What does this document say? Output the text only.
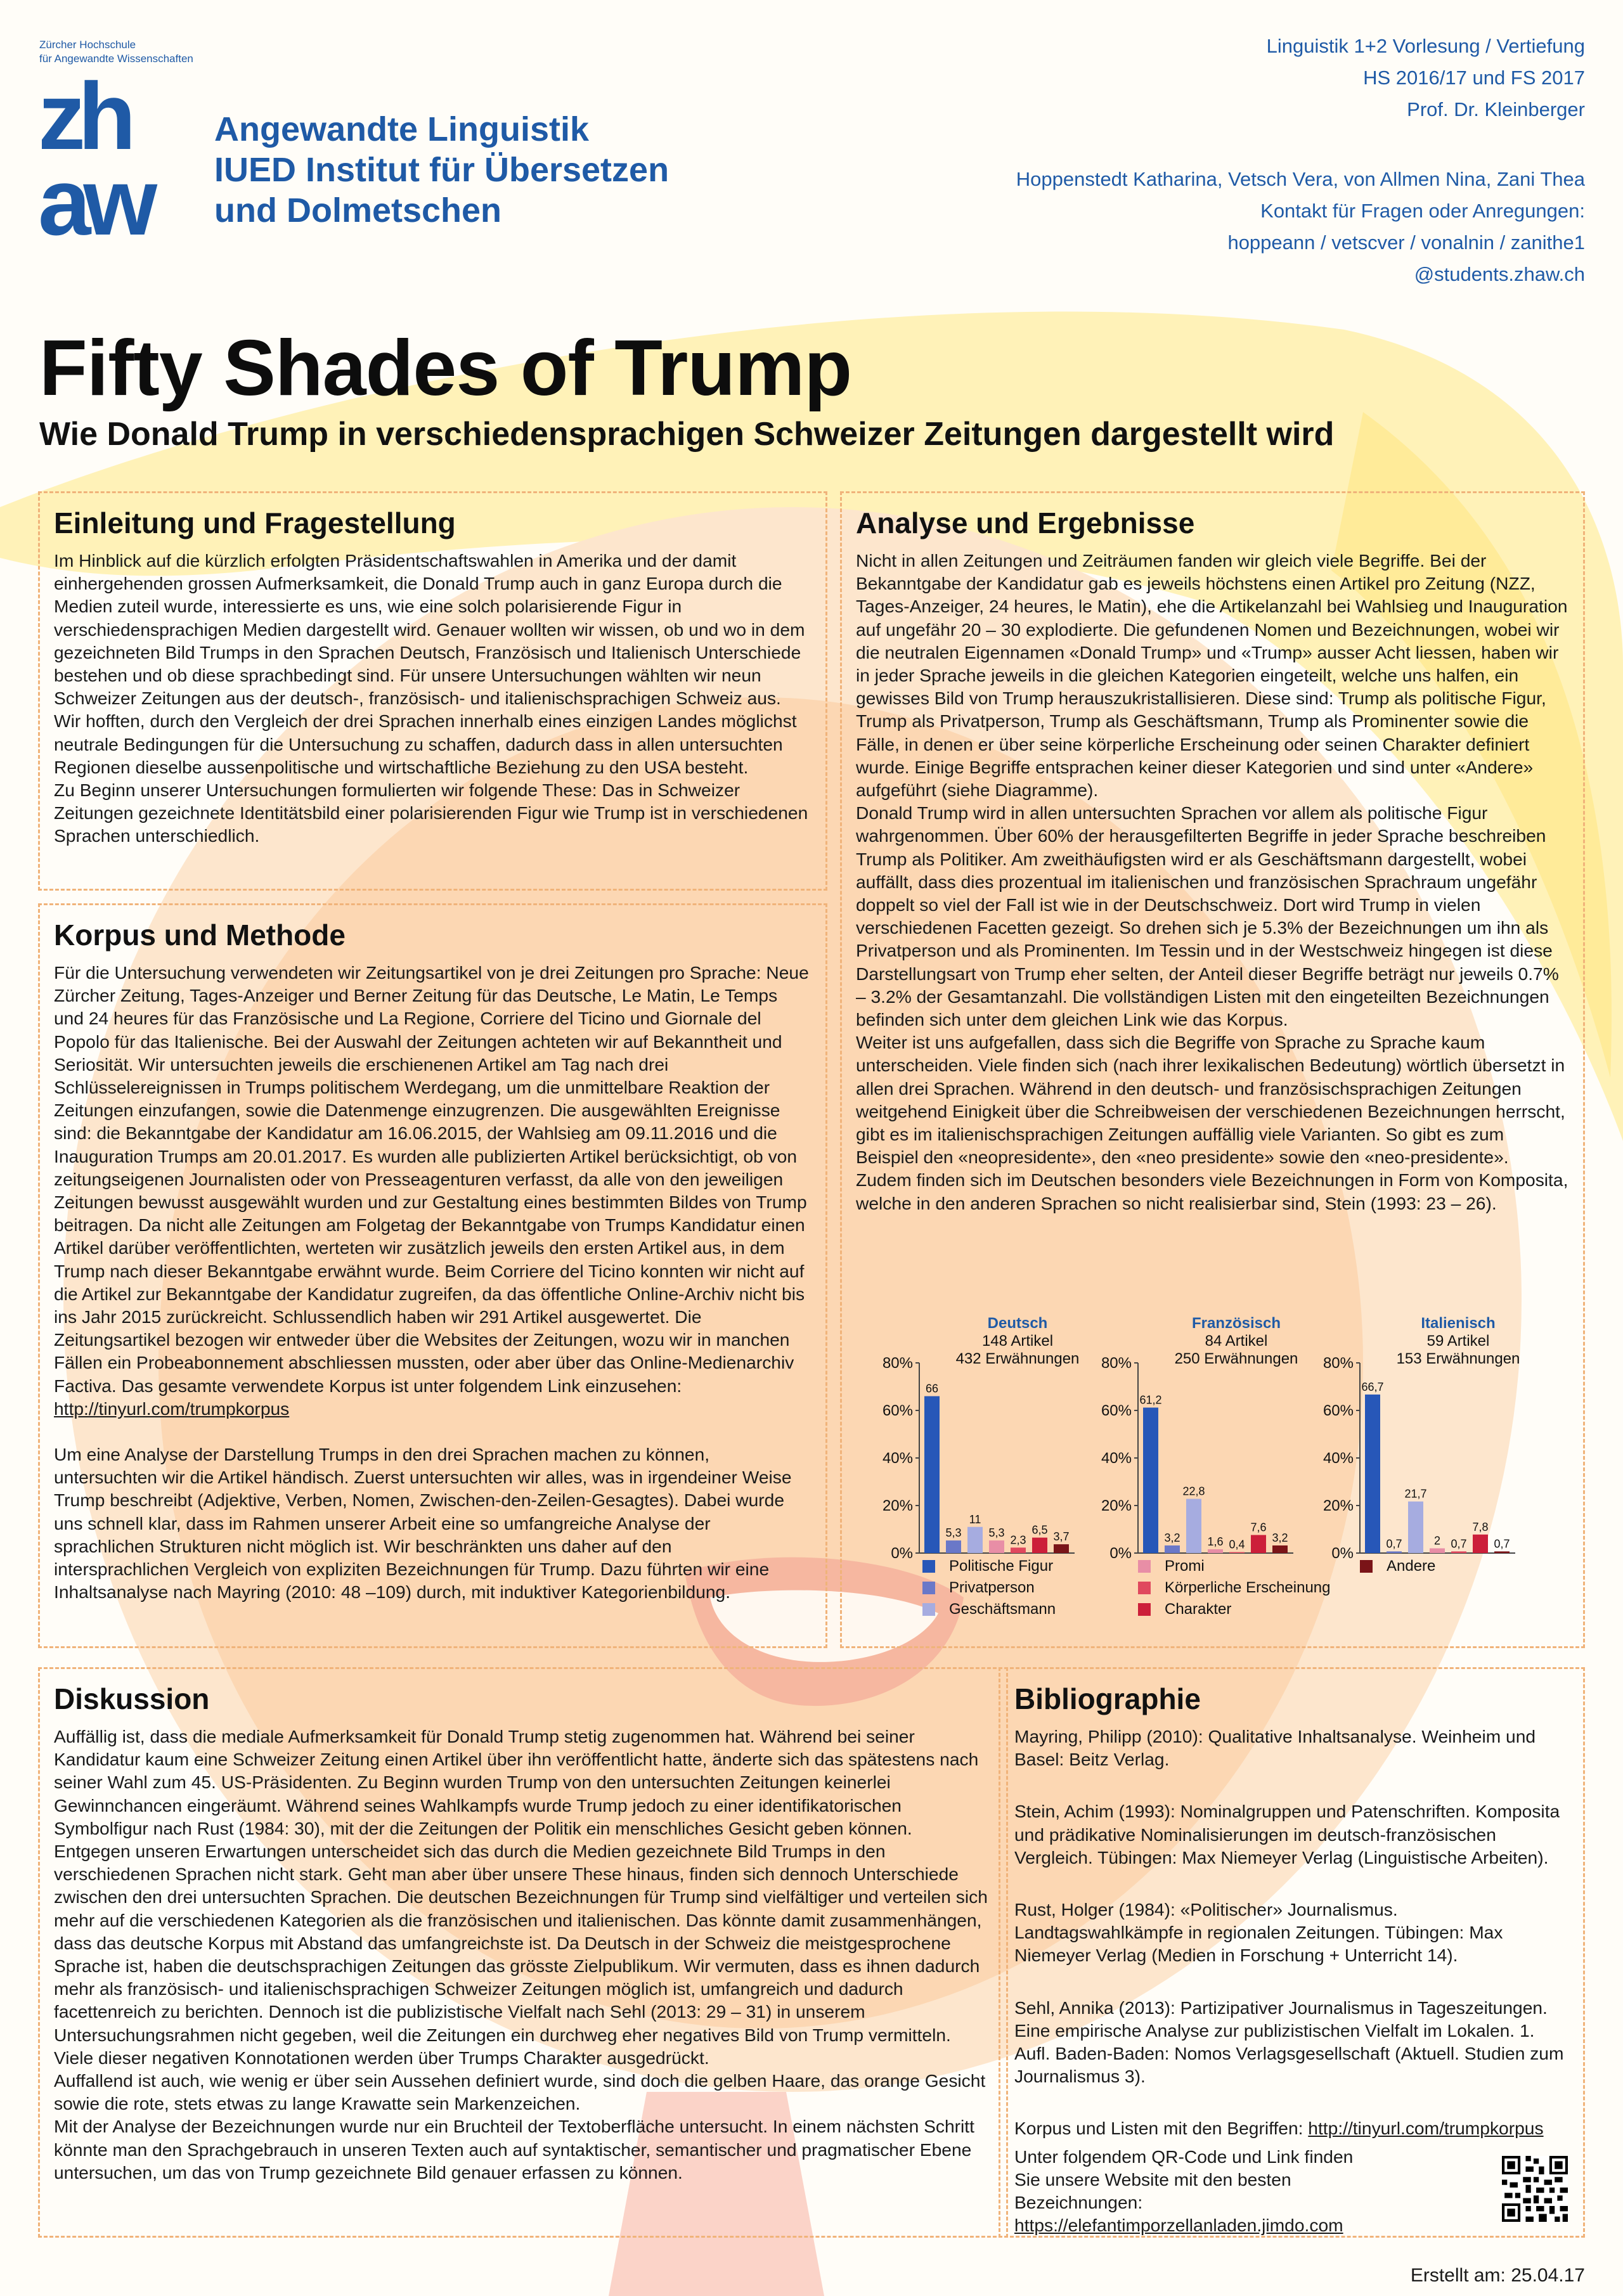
Zürcher Hochschule
für Angewandte Wissenschaften
zh
aw
Angewandte Linguistik
IUED Institut für Übersetzen
und Dolmetschen
Linguistik 1+2 Vorlesung / Vertiefung
HS 2016/17 und FS 2017
Prof. Dr. Kleinberger
Hoppenstedt Katharina, Vetsch Vera, von Allmen Nina, Zani Thea
Kontakt für Fragen oder Anregungen:
hoppeann / vetscver / vonalnin / zanithe1
@students.zhaw.ch
Fifty Shades of Trump
Wie Donald Trump in verschiedensprachigen Schweizer Zeitungen dargestellt wird
Einleitung und Fragestellung

Im Hinblick auf die kürzlich erfolgten Präsidentschaftswahlen in Amerika und der damit einhergehenden grossen Aufmerksamkeit, die Donald Trump auch in ganz Europa durch die Medien zuteil wurde, interessierte es uns, wie eine solch polarisierende Figur in verschiedensprachigen Medien dargestellt wird. Genauer wollten wir wissen, ob und wo in dem gezeichneten Bild Trumps in den Sprachen Deutsch, Französisch und Italienisch Unterschiede bestehen und ob diese sprachbedingt sind. Für unsere Untersuchungen wählten wir neun Schweizer Zeitungen aus der deutsch-, französisch- und italienischsprachigen Schweiz aus. Wir hofften, durch den Vergleich der drei Sprachen innerhalb eines einzigen Landes möglichst neutrale Bedingungen für die Untersuchung zu schaffen, dadurch dass in allen untersuchten Regionen dieselbe aussenpolitische und wirtschaftliche Beziehung zu den USA besteht.

Zu Beginn unserer Untersuchungen formulierten wir folgende These: Das in Schweizer Zeitungen gezeichnete Identitätsbild einer polarisierenden Figur wie Trump ist in verschiedenen Sprachen unterschiedlich.

Korpus und Methode

Für die Untersuchung verwendeten wir Zeitungsartikel von je drei Zeitungen pro Sprache: Neue Zürcher Zeitung, Tages-Anzeiger und Berner Zeitung für das Deutsche, Le Matin, Le Temps und 24 heures für das Französische und La Regione, Corriere del Ticino und Giornale del Popolo für das Italienische. Bei der Auswahl der Zeitungen achteten wir auf Bekanntheit und Seriosität. Wir untersuchten jeweils die erschienenen Artikel am Tag nach drei Schlüsselereignissen in Trumps politischem Werdegang, um die unmittelbare Reaktion der Zeitungen einzufangen, sowie die Datenmenge einzugrenzen. Die ausgewählten Ereignisse sind: die Bekanntgabe der Kandidatur am 16.06.2015, der Wahlsieg am 09.11.2016 und die Inauguration Trumps am 20.01.2017. Es wurden alle publizierten Artikel berücksichtigt, ob von zeitungseigenen Journalisten oder von Presseagenturen verfasst, da alle von den jeweiligen Zeitungen bewusst ausgewählt wurden und zur Gestaltung eines bestimmten Bildes von Trump beitragen. Da nicht alle Zeitungen am Folgetag der Bekanntgabe von Trumps Kandidatur einen Artikel darüber veröffentlichten, werteten wir zusätzlich jeweils den ersten Artikel aus, in dem Trump nach dieser Bekanntgabe erwähnt wurde. Beim Corriere del Ticino konnten wir nicht auf die Artikel zur Bekanntgabe der Kandidatur zugreifen, da das öffentliche Online-Archiv nicht bis ins Jahr 2015 zurückreicht. Schlussendlich haben wir 291 Artikel ausgewertet. Die Zeitungsartikel bezogen wir entweder über die Websites der Zeitungen, wozu wir in manchen Fällen ein Probeabonnement abschliessen mussten, oder aber über das Online-Medienarchiv Factiva. Das gesamte verwendete Korpus ist unter folgendem Link einzusehen: http://tinyurl.com/trumpkorpus

Um eine Analyse der Darstellung Trumps in den drei Sprachen machen zu können, untersuchten wir die Artikel händisch. Zuerst untersuchten wir alles, was in irgendeiner Weise Trump beschreibt (Adjektive, Verben, Nomen, Zwischen-den-Zeilen-Gesagtes). Dabei wurde uns schnell klar, dass im Rahmen unserer Arbeit eine so umfangreiche Analyse der sprachlichen Strukturen nicht möglich ist. Wir beschränkten uns daher auf den intersprachlichen Vergleich von expliziten Bezeichnungen für Trump. Dazu führten wir eine Inhaltsanalyse nach Mayring (2010: 48 –109) durch, mit induktiver Kategorienbildung.

Analyse und Ergebnisse

Nicht in allen Zeitungen und Zeiträumen fanden wir gleich viele Begriffe. Bei der Bekanntgabe der Kandidatur gab es jeweils höchstens einen Artikel pro Zeitung (NZZ, Tages-Anzeiger, 24 heures, le Matin), ehe die Artikelanzahl bei Wahlsieg und Inauguration auf ungefähr 20 – 30 explodierte. Die gefundenen Nomen und Bezeichnungen, wobei wir die neutralen Eigennamen «Donald Trump» und «Trump» ausser Acht liessen, haben wir in jeder Sprache jeweils in die gleichen Kategorien eingeteilt, welche uns halfen, ein gewisses Bild von Trump herauszukristallisieren. Diese sind: Trump als politische Figur, Trump als Privatperson, Trump als Geschäftsmann, Trump als Prominenter sowie die Fälle, in denen er über seine körperliche Erscheinung oder seinen Charakter definiert wurde. Einige Begriffe entsprachen keiner dieser Kategorien und sind unter «Andere» aufgeführt (siehe Diagramme).

Donald Trump wird in allen untersuchten Sprachen vor allem als politische Figur wahrgenommen. Über 60% der herausgefilterten Begriffe in jeder Sprache beschreiben Trump als Politiker. Am zweithäufigsten wird er als Geschäftsmann dargestellt, wobei auffällt, dass dies prozentual im italienischen und französischen Sprachraum ungefähr doppelt so viel der Fall ist wie in der Deutschschweiz. Dort wird Trump in vielen verschiedenen Facetten gezeigt. So drehen sich je 5.3% der Bezeichnungen um ihn als Privatperson und als Prominenten. Im Tessin und in der Westschweiz hingegen ist diese Darstellungsart von Trump eher selten, der Anteil dieser Begriffe beträgt nur jeweils 0.7% – 3.2% der Gesamtanzahl. Die vollständigen Listen mit den eingeteilten Bezeichnungen befinden sich unter dem gleichen Link wie das Korpus.

Weiter ist uns aufgefallen, dass sich die Begriffe von Sprache zu Sprache kaum unterscheiden. Viele finden sich (nach ihrer lexikalischen Bedeutung) wörtlich übersetzt in allen drei Sprachen. Während in den deutsch- und französischsprachigen Zeitungen weitgehend Einigkeit über die Schreibweisen der verschiedenen Bezeichnungen herrscht, gibt es im italienischsprachigen Zeitungen auffällig viele Varianten. So gibt es zum Beispiel den «neopresidente», den «neo presidente» sowie den «neo-presidente».

Zudem finden sich im Deutschen besonders viele Bezeichnungen in Form von Komposita, welche in den anderen Sprachen so nicht realisierbar sind, Stein (1993: 23 – 26).

Deutsch
148 Artikel
432 Erwähnungen
0%
20%
40%
60%
80%
66
5,3
11
5,3
2,3
6,5
3,7
Französisch
84 Artikel
250 Erwähnungen
0%
20%
40%
60%
80%
61,2
3,2
22,8
1,6 0,4
7,6
3,2
Italienisch
59 Artikel
153 Erwähnungen
0%
20%
40%
60%
80%
66,7
0,7
21,7
2 0,7
7,8
0,7
Politische Figur
Privatperson
Geschäftsmann
Promi
Körperliche Erscheinung
Charakter
Andere
Diskussion

Auffällig ist, dass die mediale Aufmerksamkeit für Donald Trump stetig zugenommen hat. Während bei seiner Kandidatur kaum eine Schweizer Zeitung einen Artikel über ihn veröffentlicht hatte, änderte sich das spätestens nach seiner Wahl zum 45. US-Präsidenten. Zu Beginn wurden Trump von den untersuchten Zeitungen keinerlei Gewinnchancen eingeräumt. Während seines Wahlkampfs wurde Trump jedoch zu einer identifikatorischen Symbolfigur nach Rust (1984: 30), mit der die Zeitungen der Politik ein menschliches Gesicht geben können.

Entgegen unseren Erwartungen unterscheidet sich das durch die Medien gezeichnete Bild Trumps in den verschiedenen Sprachen nicht stark. Geht man aber über unsere These hinaus, finden sich dennoch Unterschiede zwischen den drei untersuchten Sprachen. Die deutschen Bezeichnungen für Trump sind vielfältiger und verteilen sich mehr auf die verschiedenen Kategorien als die französischen und italienischen. Das könnte damit zusammenhängen, dass das deutsche Korpus mit Abstand das umfangreichste ist. Da Deutsch in der Schweiz die meistgesprochene Sprache ist, haben die deutschsprachigen Zeitungen das grösste Zielpublikum. Wir vermuten, dass es ihnen dadurch mehr als französisch- und italienischsprachigen Schweizer Zeitungen möglich ist, umfangreich und dadurch facettenreich zu berichten. Dennoch ist die publizistische Vielfalt nach Sehl (2013: 29 – 31) in unserem Untersuchungsrahmen nicht gegeben, weil die Zeitungen ein durchweg eher negatives Bild von Trump vermitteln. Viele dieser negativen Konnotationen werden über Trumps Charakter ausgedrückt.

Auffallend ist auch, wie wenig er über sein Aussehen definiert wurde, sind doch die gelben Haare, das orange Gesicht sowie die rote, stets etwas zu lange Krawatte sein Markenzeichen.

Mit der Analyse der Bezeichnungen wurde nur ein Bruchteil der Textoberfläche untersucht. In einem nächsten Schritt könnte man den Sprachgebrauch in unseren Texten auch auf syntaktischer, semantischer und pragmatischer Ebene untersuchen, um das von Trump gezeichnete Bild genauer erfassen zu können.

Bibliographie

Mayring, Philipp (2010): Qualitative Inhaltsanalyse. Weinheim und Basel: Beitz Verlag.

Stein, Achim (1993): Nominalgruppen und Patenschriften. Komposita und prädikative Nominalisierungen im deutsch-französischen Vergleich. Tübingen: Max Niemeyer Verlag (Linguistische Arbeiten).

Rust, Holger (1984): «Politischer» Journalismus. Landtagswahlkämpfe in regionalen Zeitungen. Tübingen: Max Niemeyer Verlag (Medien in Forschung + Unterricht 14).

Sehl, Annika (2013): Partizipativer Journalismus in Tageszeitungen. Eine empirische Analyse zur publizistischen Vielfalt im Lokalen. 1. Aufl. Baden-Baden: Nomos Verlagsgesellschaft (Aktuell. Studien zum Journalismus 3).

Korpus und Listen mit den Begriffen: http://tinyurl.com/trumpkorpus

Unter folgendem QR-Code und Link finden Sie unsere Website mit den besten Bezeichnungen:

https://elefantimporzellanladen.jimdo.com

Erstellt am: 25.04.17
